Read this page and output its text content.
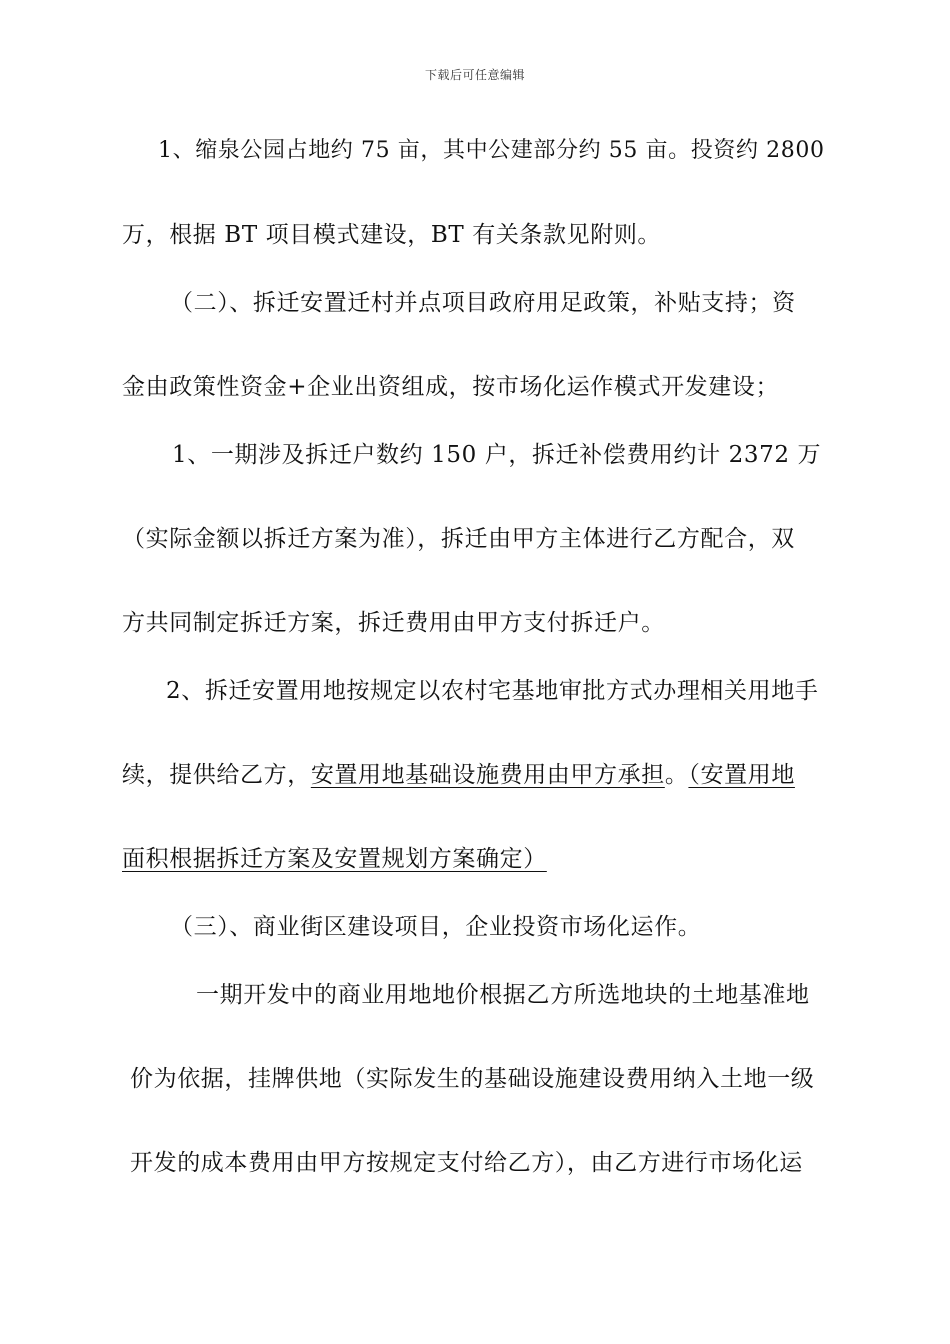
下载后可任意编辑
1、缩泉公园占地约 75 亩，其中公建部分约 55 亩。投资约 2800
万，根据 BT 项目模式建设，BT 有关条款见附则。
（二）、拆迁安置迁村并点项目政府用足政策，补贴支持；资
金由政策性资金+企业出资组成，按市场化运作模式开发建设；
1、一期涉及拆迁户数约 150 户，拆迁补偿费用约计 2372 万
（实际金额以拆迁方案为准），拆迁由甲方主体进行乙方配合，双
方共同制定拆迁方案，拆迁费用由甲方支付拆迁户。
2、拆迁安置用地按规定以农村宅基地审批方式办理相关用地手
续，提供给乙方，安置用地基础设施费用由甲方承担。（安置用地
面积根据拆迁方案及安置规划方案确定）
（三）、商业街区建设项目，企业投资市场化运作。
一期开发中的商业用地地价根据乙方所选地块的土地基准地
价为依据，挂牌供地（实际发生的基础设施建设费用纳入土地一级
开发的成本费用由甲方按规定支付给乙方），由乙方进行市场化运
